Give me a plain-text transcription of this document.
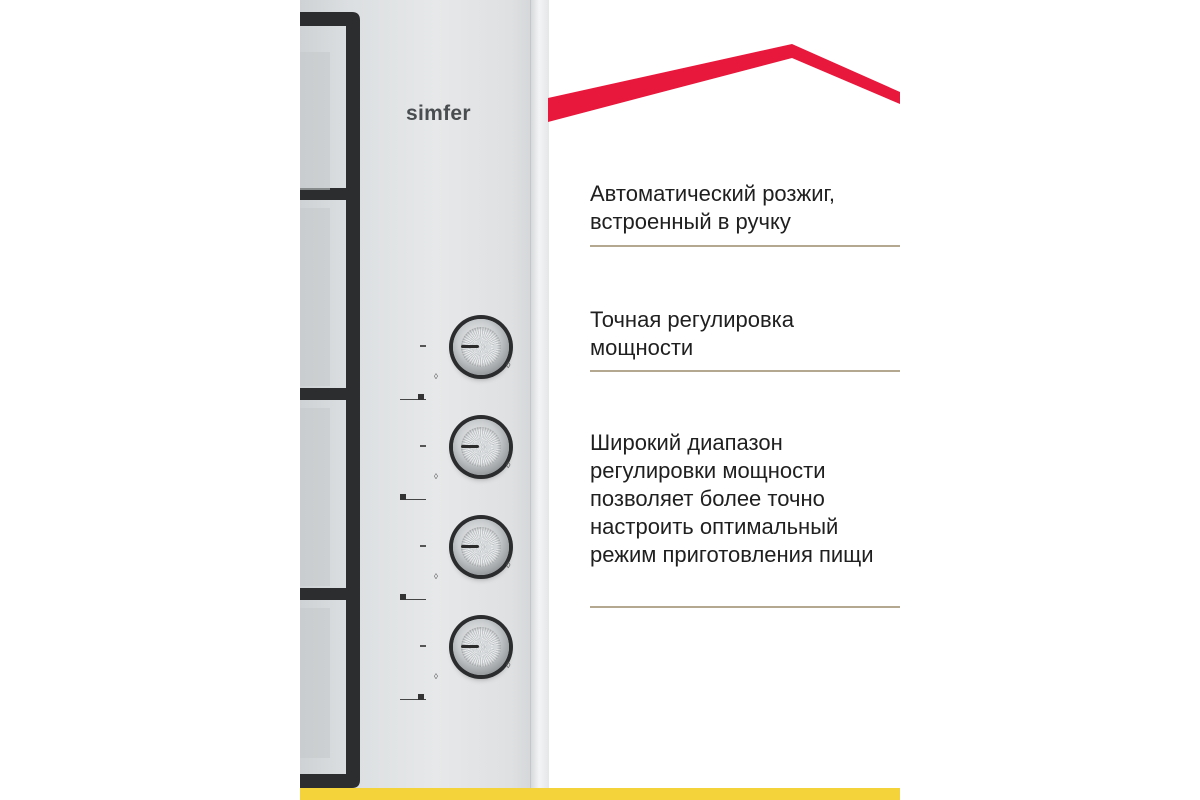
simfer
◊
◊
◊
◊
◊
◊
◊
◊
Автоматический розжиг, встроенный в ручку
Точная регулировка мощности
Широкий диапазон регулировки мощности позволяет более точно настроить оптимальный режим приготовления пищи
